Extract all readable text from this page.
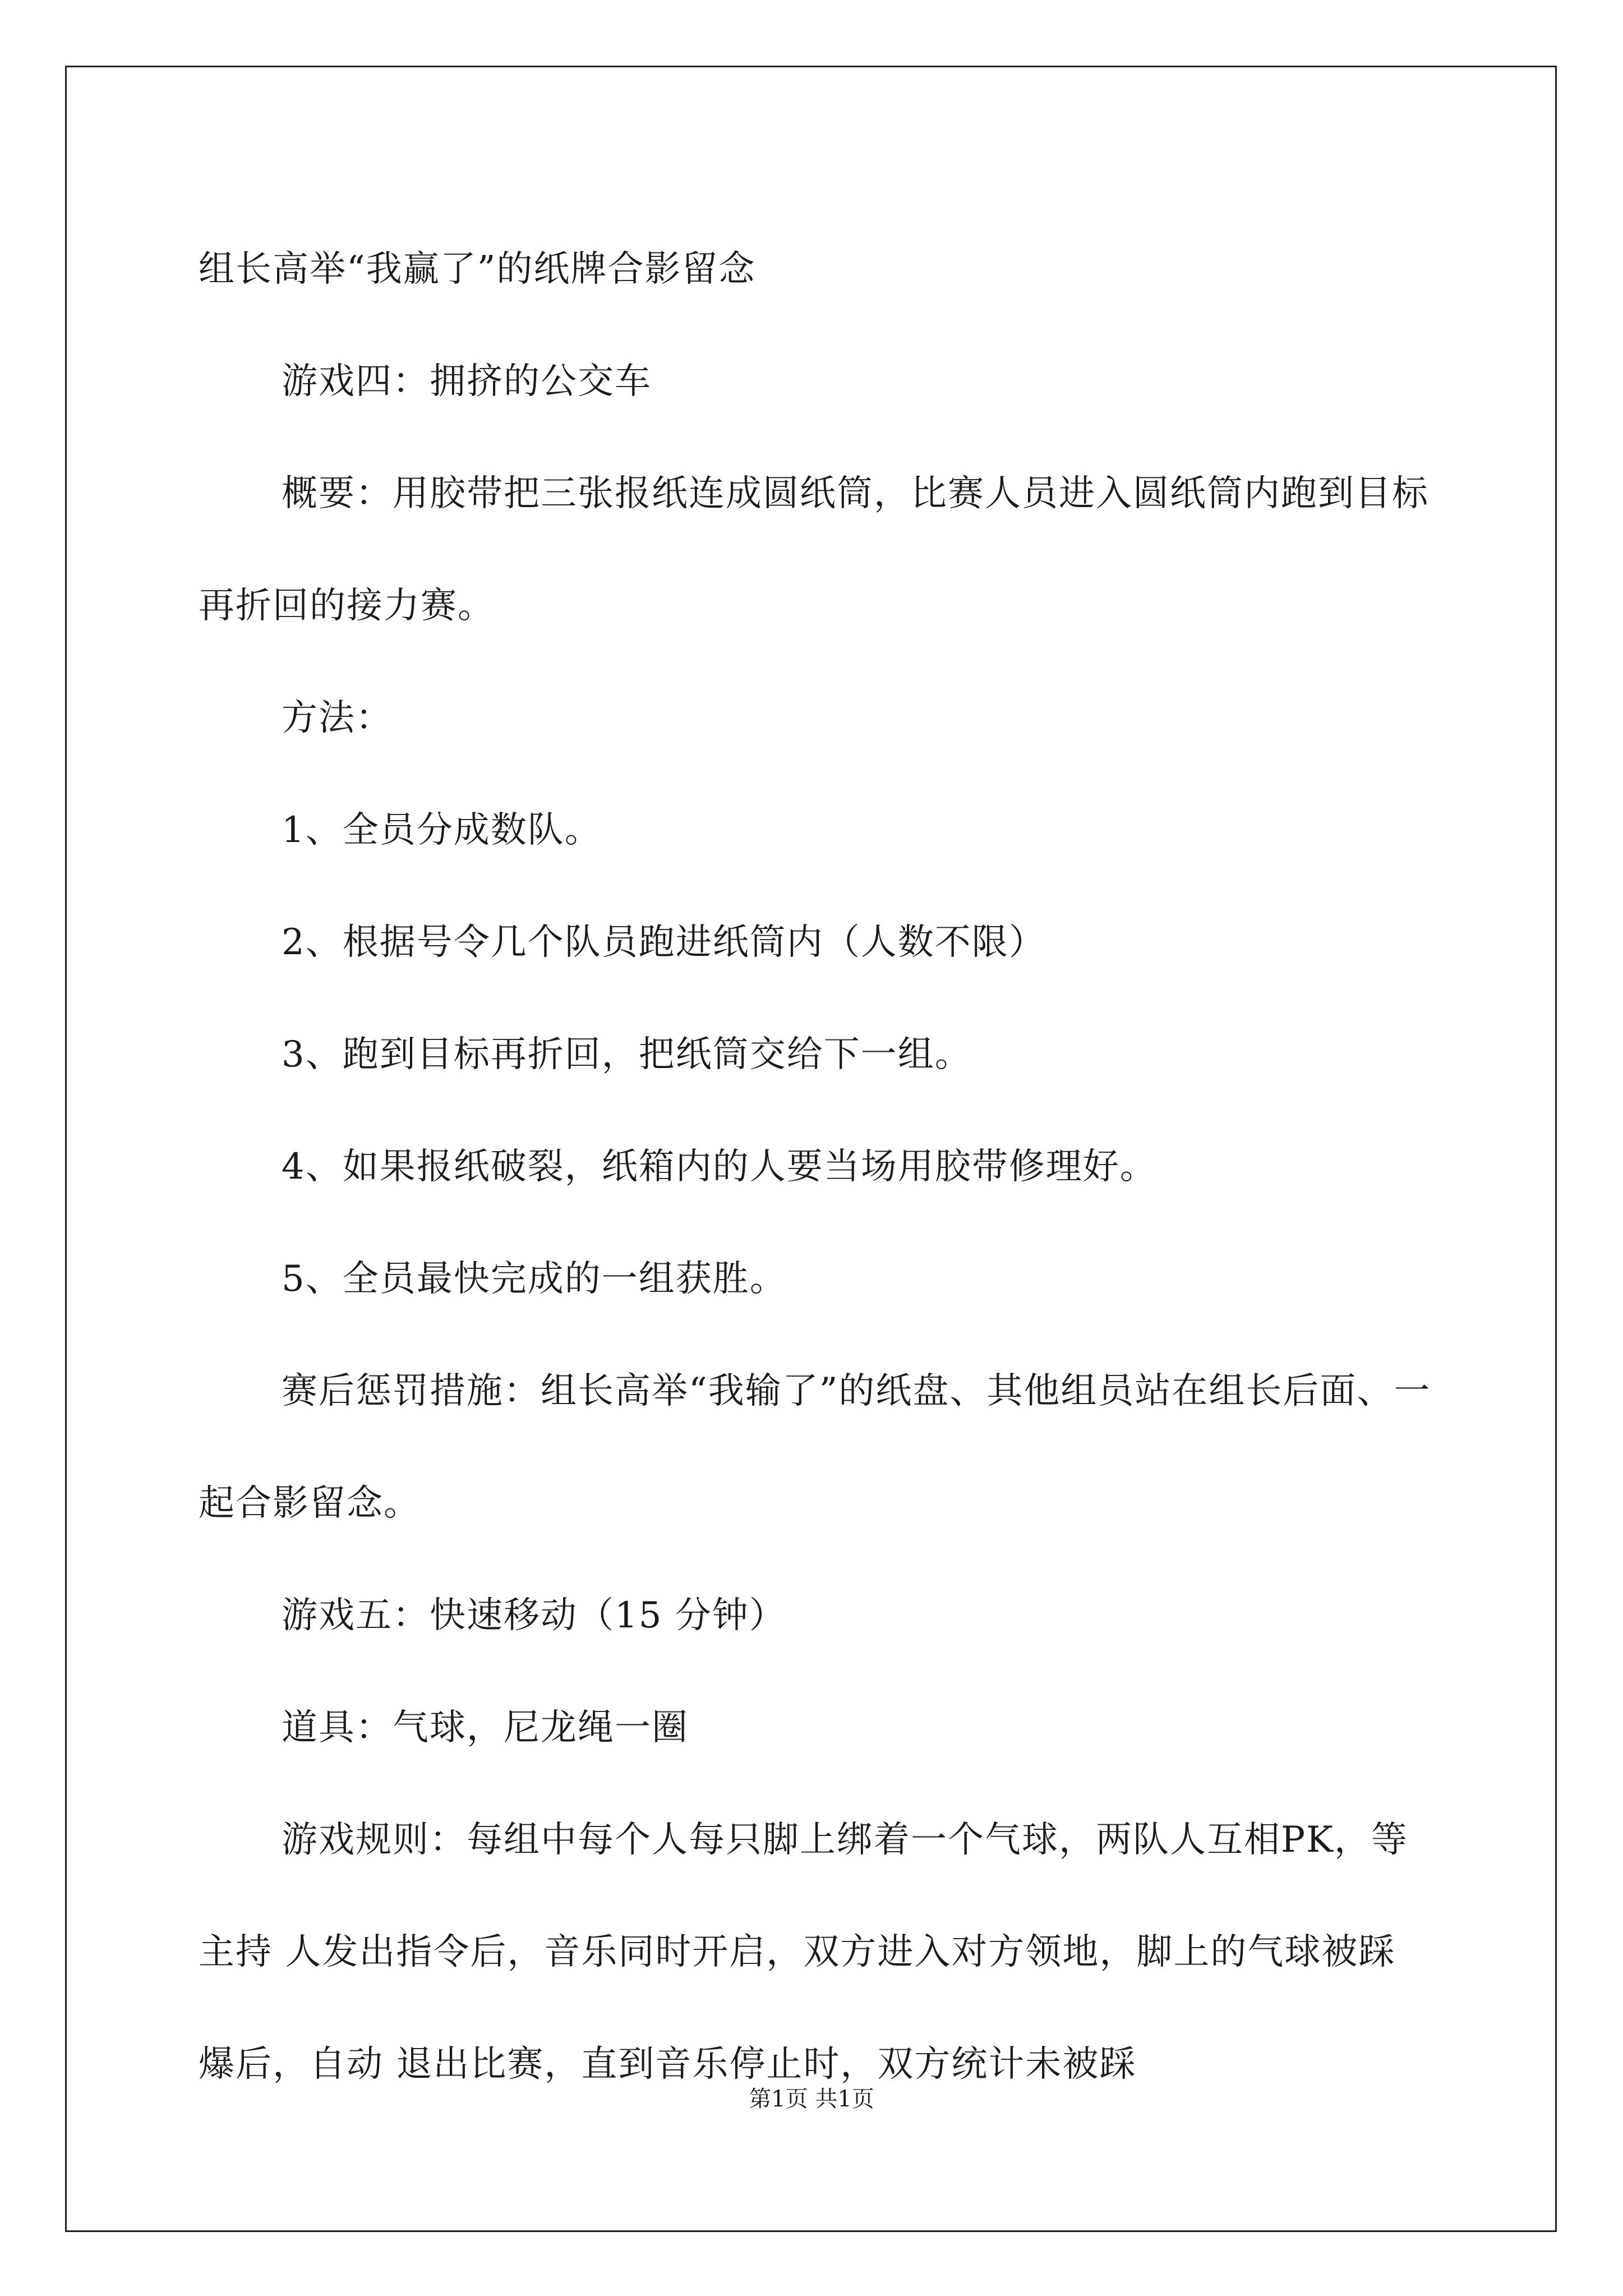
组长高举“我赢了”的纸牌合影留念

游戏四：拥挤的公交车

概要：用胶带把三张报纸连成圆纸筒，比赛人员进入圆纸筒内跑到目标再折回的接力赛。

方法：

1、全员分成数队。

2、根据号令几个队员跑进纸筒内（人数不限）

3、跑到目标再折回，把纸筒交给下一组。

4、如果报纸破裂，纸箱内的人要当场用胶带修理好。

5、全员最快完成的一组获胜。

赛后惩罚措施：组长高举“我输了”的纸盘、其他组员站在组长后面、一起合影留念。

游戏五：快速移动（15 分钟）

道具：气球，尼龙绳一圈

游戏规则：每组中每个人每只脚上绑着一个气球，两队人互相PK，等主持 人发出指令后，音乐同时开启，双方进入对方领地，脚上的气球被踩爆后，自动 退出比赛，直到音乐停止时，双方统计未被踩

第1页 共1页
